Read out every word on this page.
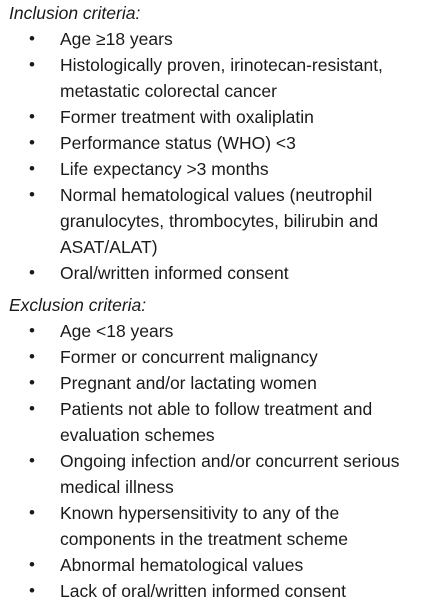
Inclusion criteria:

• Age ≥18 years
• Histologically proven, irinotecan-resistant, metastatic colorectal cancer
• Former treatment with oxaliplatin
• Performance status (WHO) <3
• Life expectancy >3 months
• Normal hematological values (neutrophil granulocytes, thrombocytes, bilirubin and ASAT/ALAT)
• Oral/written informed consent

Exclusion criteria:

• Age <18 years
• Former or concurrent malignancy
• Pregnant and/or lactating women
• Patients not able to follow treatment and evaluation schemes
• Ongoing infection and/or concurrent serious medical illness
• Known hypersensitivity to any of the components in the treatment scheme
• Abnormal hematological values
• Lack of oral/written informed consent
